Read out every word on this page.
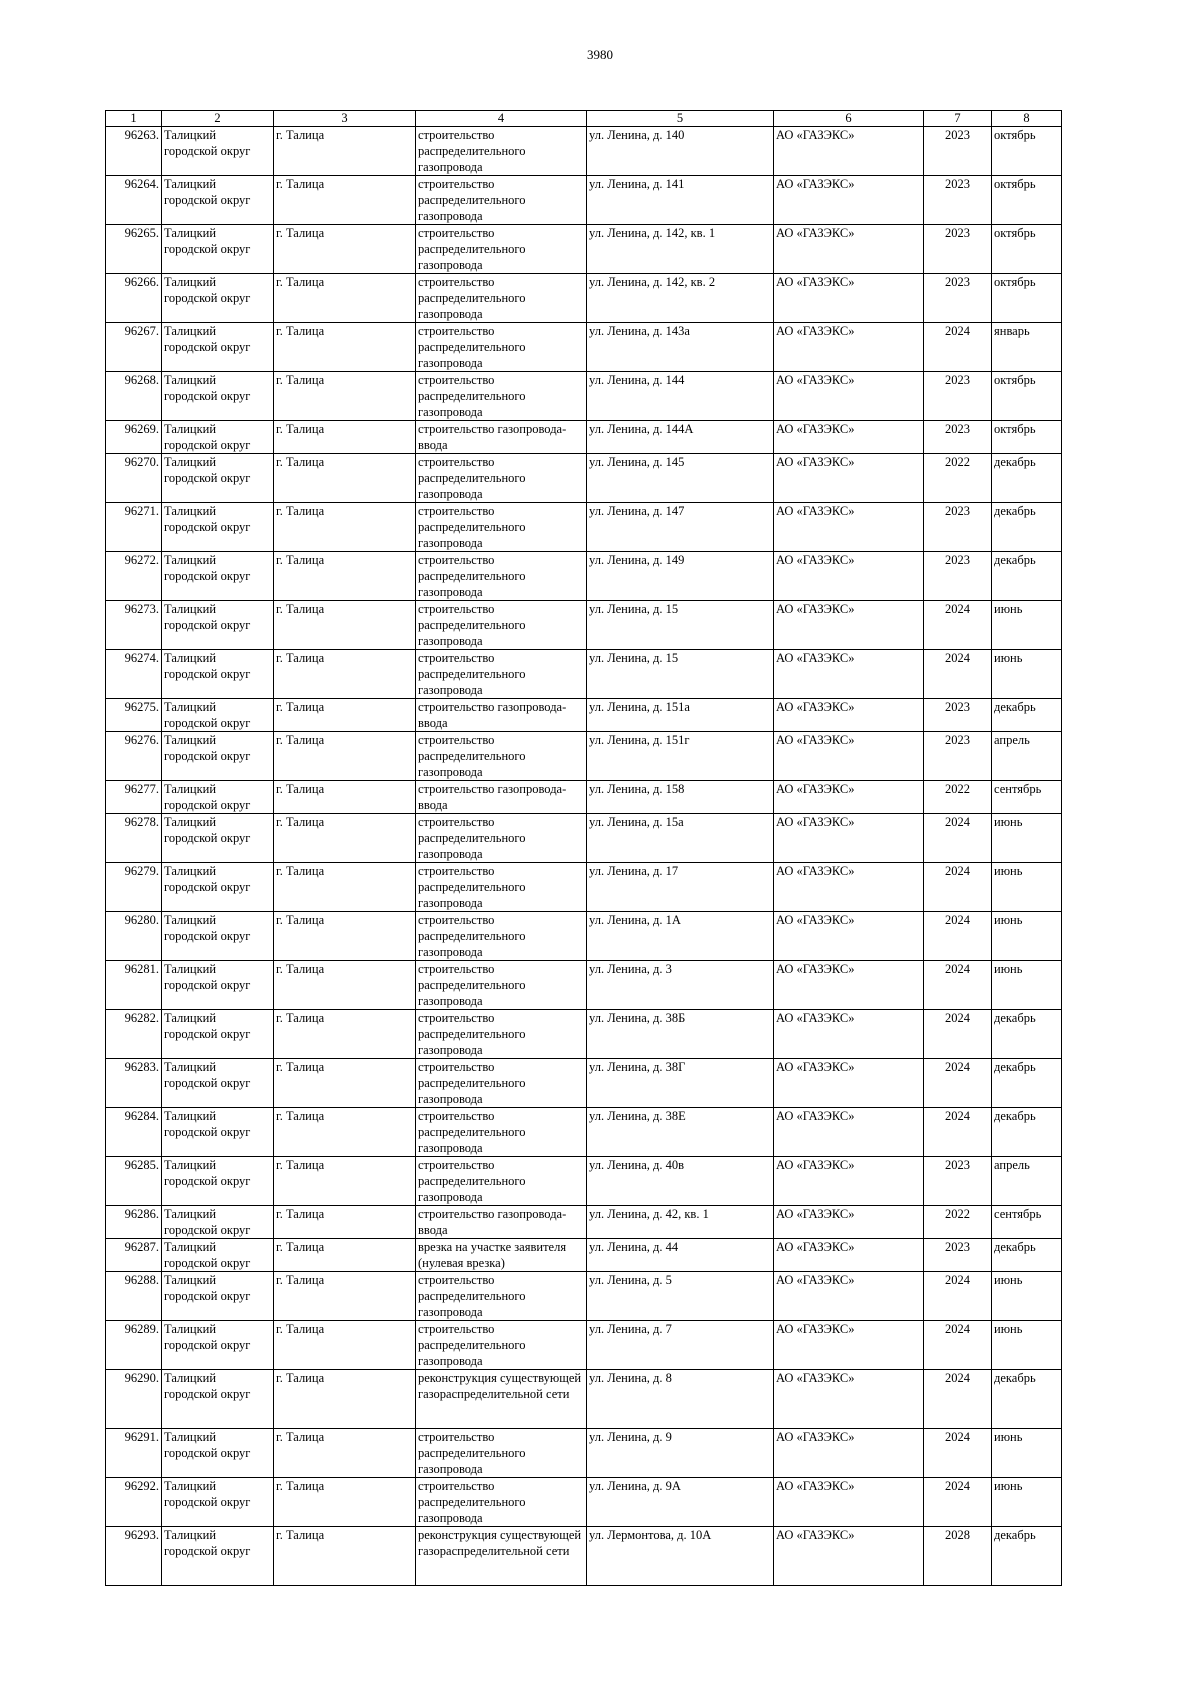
3980
1	2	3	4	5	6	7	8
96263.	Талицкий городской округ	г. Талица	строительство распределительного газопровода	ул. Ленина, д. 140	АО «ГАЗЭКС»	2023	октябрь
96264.	Талицкий городской округ	г. Талица	строительство распределительного газопровода	ул. Ленина, д. 141	АО «ГАЗЭКС»	2023	октябрь
96265.	Талицкий городской округ	г. Талица	строительство распределительного газопровода	ул. Ленина, д. 142, кв. 1	АО «ГАЗЭКС»	2023	октябрь
96266.	Талицкий городской округ	г. Талица	строительство распределительного газопровода	ул. Ленина, д. 142, кв. 2	АО «ГАЗЭКС»	2023	октябрь
96267.	Талицкий городской округ	г. Талица	строительство распределительного газопровода	ул. Ленина, д. 143а	АО «ГАЗЭКС»	2024	январь
96268.	Талицкий городской округ	г. Талица	строительство распределительного газопровода	ул. Ленина, д. 144	АО «ГАЗЭКС»	2023	октябрь
96269.	Талицкий городской округ	г. Талица	строительство газопровода-ввода	ул. Ленина, д. 144А	АО «ГАЗЭКС»	2023	октябрь
96270.	Талицкий городской округ	г. Талица	строительство распределительного газопровода	ул. Ленина, д. 145	АО «ГАЗЭКС»	2022	декабрь
96271.	Талицкий городской округ	г. Талица	строительство распределительного газопровода	ул. Ленина, д. 147	АО «ГАЗЭКС»	2023	декабрь
96272.	Талицкий городской округ	г. Талица	строительство распределительного газопровода	ул. Ленина, д. 149	АО «ГАЗЭКС»	2023	декабрь
96273.	Талицкий городской округ	г. Талица	строительство распределительного газопровода	ул. Ленина, д. 15	АО «ГАЗЭКС»	2024	июнь
96274.	Талицкий городской округ	г. Талица	строительство распределительного газопровода	ул. Ленина, д. 15	АО «ГАЗЭКС»	2024	июнь
96275.	Талицкий городской округ	г. Талица	строительство газопровода-ввода	ул. Ленина, д. 151а	АО «ГАЗЭКС»	2023	декабрь
96276.	Талицкий городской округ	г. Талица	строительство распределительного газопровода	ул. Ленина, д. 151г	АО «ГАЗЭКС»	2023	апрель
96277.	Талицкий городской округ	г. Талица	строительство газопровода-ввода	ул. Ленина, д. 158	АО «ГАЗЭКС»	2022	сентябрь
96278.	Талицкий городской округ	г. Талица	строительство распределительного газопровода	ул. Ленина, д. 15а	АО «ГАЗЭКС»	2024	июнь
96279.	Талицкий городской округ	г. Талица	строительство распределительного газопровода	ул. Ленина, д. 17	АО «ГАЗЭКС»	2024	июнь
96280.	Талицкий городской округ	г. Талица	строительство распределительного газопровода	ул. Ленина, д. 1А	АО «ГАЗЭКС»	2024	июнь
96281.	Талицкий городской округ	г. Талица	строительство распределительного газопровода	ул. Ленина, д. 3	АО «ГАЗЭКС»	2024	июнь
96282.	Талицкий городской округ	г. Талица	строительство распределительного газопровода	ул. Ленина, д. 38Б	АО «ГАЗЭКС»	2024	декабрь
96283.	Талицкий городской округ	г. Талица	строительство распределительного газопровода	ул. Ленина, д. 38Г	АО «ГАЗЭКС»	2024	декабрь
96284.	Талицкий городской округ	г. Талица	строительство распределительного газопровода	ул. Ленина, д. 38Е	АО «ГАЗЭКС»	2024	декабрь
96285.	Талицкий городской округ	г. Талица	строительство распределительного газопровода	ул. Ленина, д. 40в	АО «ГАЗЭКС»	2023	апрель
96286.	Талицкий городской округ	г. Талица	строительство газопровода-ввода	ул. Ленина, д. 42, кв. 1	АО «ГАЗЭКС»	2022	сентябрь
96287.	Талицкий городской округ	г. Талица	врезка на участке заявителя (нулевая врезка)	ул. Ленина, д. 44	АО «ГАЗЭКС»	2023	декабрь
96288.	Талицкий городской округ	г. Талица	строительство распределительного газопровода	ул. Ленина, д. 5	АО «ГАЗЭКС»	2024	июнь
96289.	Талицкий городской округ	г. Талица	строительство распределительного газопровода	ул. Ленина, д. 7	АО «ГАЗЭКС»	2024	июнь
96290.	Талицкий городской округ	г. Талица	реконструкция существующей газораспределительной сети	ул. Ленина, д. 8	АО «ГАЗЭКС»	2024	декабрь
96291.	Талицкий городской округ	г. Талица	строительство распределительного газопровода	ул. Ленина, д. 9	АО «ГАЗЭКС»	2024	июнь
96292.	Талицкий городской округ	г. Талица	строительство распределительного газопровода	ул. Ленина, д. 9А	АО «ГАЗЭКС»	2024	июнь
96293.	Талицкий городской округ	г. Талица	реконструкция существующей газораспределительной сети	ул. Лермонтова, д. 10А	АО «ГАЗЭКС»	2028	декабрь
